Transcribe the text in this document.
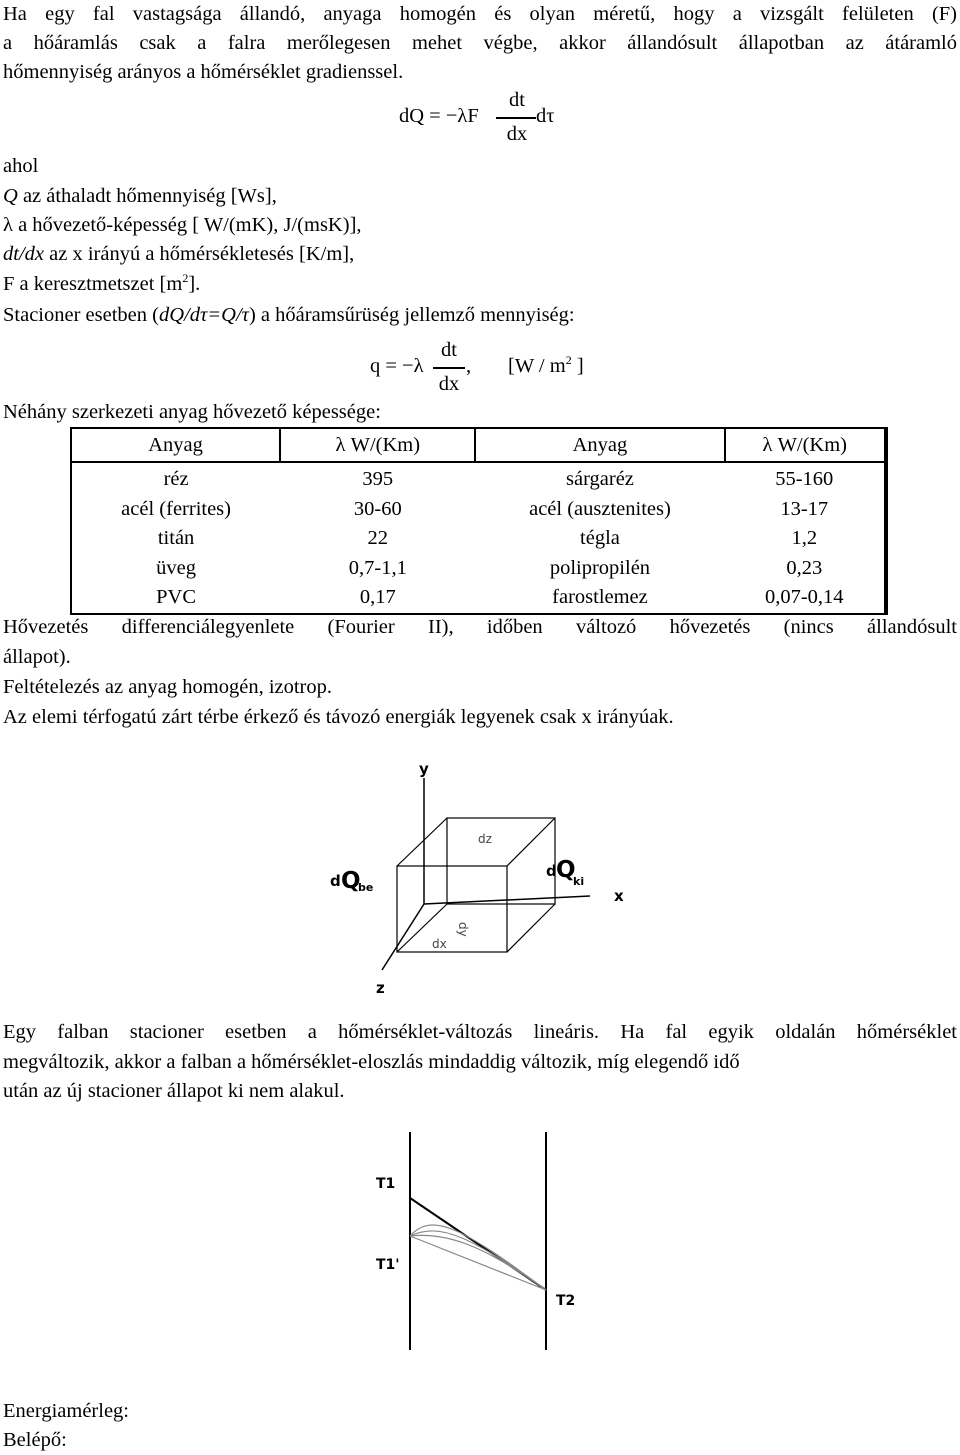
Ha egy fal vastagsága állandó, anyaga homogén és olyan méretű, hogy a vizsgált felületen (F)
a hőáramlás csak a falra merőlegesen mehet végbe, akkor állandósult állapotban az átáramló
hőmennyiség arányos a hőmérséklet gradienssel.
dQ = −λF
dt
dx
dτ
ahol
Q az áthaladt hőmennyiség [Ws],
λ a hővezető-képesség [ W/(mK), J/(msK)],
dt/dx az x irányú a hőmérsékletesés [K/m],
F a keresztmetszet $[m^2]$.
Stacioner esetben (dQ/dτ=Q/τ) a hőáramsűrüség jellemző mennyiség:
q = −λ
dt
dx
, [$W / m^2$ ]
Néhány szerkezeti anyag hővezető képessége:
Anyag	λ W/(Km)	Anyag	λ W/(Km)
réz	395	sárgaréz	55-160
acél (ferrites)	30-60	acél (ausztenites)	13-17
titán	22	tégla	1,2
üveg	0,7-1,1	polipropilén	0,23
PVC	0,17	farostlemez	0,07-0,14
Hővezetés differenciálegyenlete (Fourier II), időben változó hővezetés (nincs állandósult
állapot).
Feltételezés az anyag homogén, izotrop.
Az elemi térfogatú zárt térbe érkező és távozó energiák legyenek csak x irányúak.
y
x
z
dz
dy
dx
d Q
be
d Q
ki
Egy falban stacioner esetben a hőmérséklet-változás lineáris. Ha fal egyik oldalán hőmérséklet
megváltozik, akkor a falban a hőmérséklet-eloszlás mindaddig változik, míg elegendő idő
után az új stacioner állapot ki nem alakul.
T1
T1'
T2
Energiamérleg:
Belépő:
